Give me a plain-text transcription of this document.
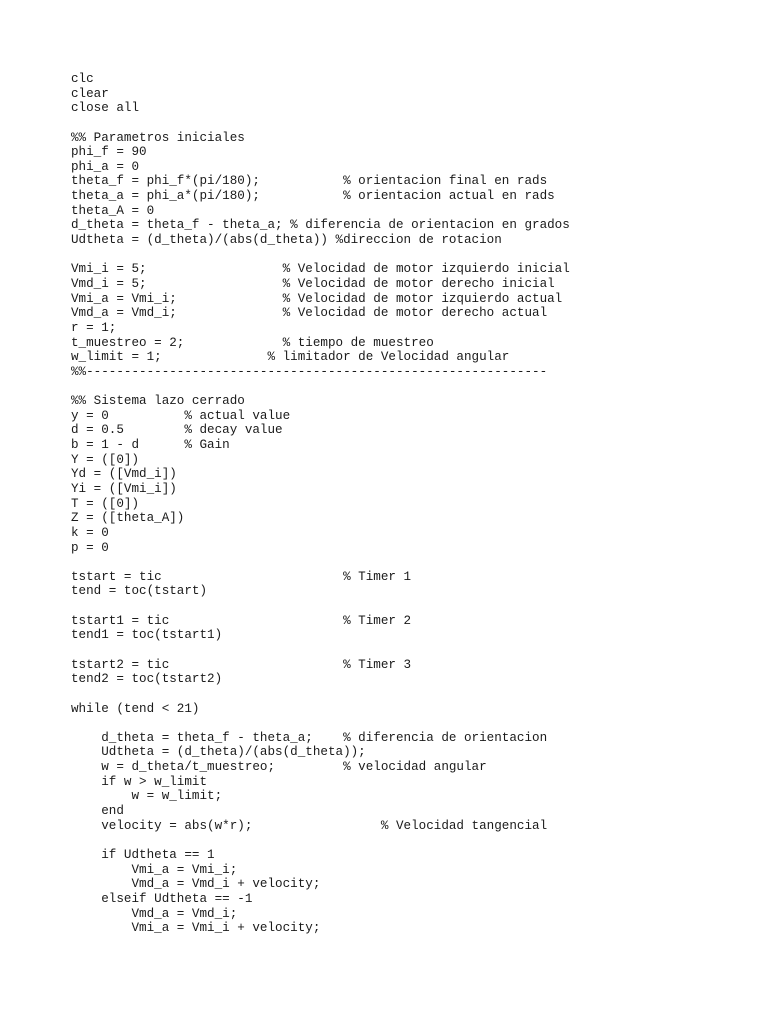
clc
clear
close all
%% Parametros iniciales
phi_f = 90
phi_a = 0
theta_f = phi_f*(pi/180);           % orientacion final en rads
theta_a = phi_a*(pi/180);           % orientacion actual en rads
theta_A = 0
d_theta = theta_f - theta_a; % diferencia de orientacion en grados
Udtheta = (d_theta)/(abs(d_theta)) %direccion de rotacion
Vmi_i = 5;                  % Velocidad de motor izquierdo inicial
Vmd_i = 5;                  % Velocidad de motor derecho inicial
Vmi_a = Vmi_i;              % Velocidad de motor izquierdo actual
Vmd_a = Vmd_i;              % Velocidad de motor derecho actual
r = 1;
t_muestreo = 2;             % tiempo de muestreo
w_limit = 1;              % limitador de Velocidad angular
%%-------------------------------------------------------------
%% Sistema lazo cerrado
y = 0          % actual value
d = 0.5        % decay value
b = 1 - d      % Gain
Y = ([0])
Yd = ([Vmd_i])
Yi = ([Vmi_i])
T = ([0])
Z = ([theta_A])
k = 0
p = 0
tstart = tic                        % Timer 1
tend = toc(tstart)
tstart1 = tic                       % Timer 2
tend1 = toc(tstart1)
tstart2 = tic                       % Timer 3
tend2 = toc(tstart2)
while (tend < 21)
d_theta = theta_f - theta_a;    % diferencia de orientacion
Udtheta = (d_theta)/(abs(d_theta));
w = d_theta/t_muestreo;         % velocidad angular
if w > w_limit
w = w_limit;
end
velocity = abs(w*r);                 % Velocidad tangencial
if Udtheta == 1
Vmi_a = Vmi_i;
Vmd_a = Vmd_i + velocity;
elseif Udtheta == -1
Vmd_a = Vmd_i;
Vmi_a = Vmi_i + velocity;
